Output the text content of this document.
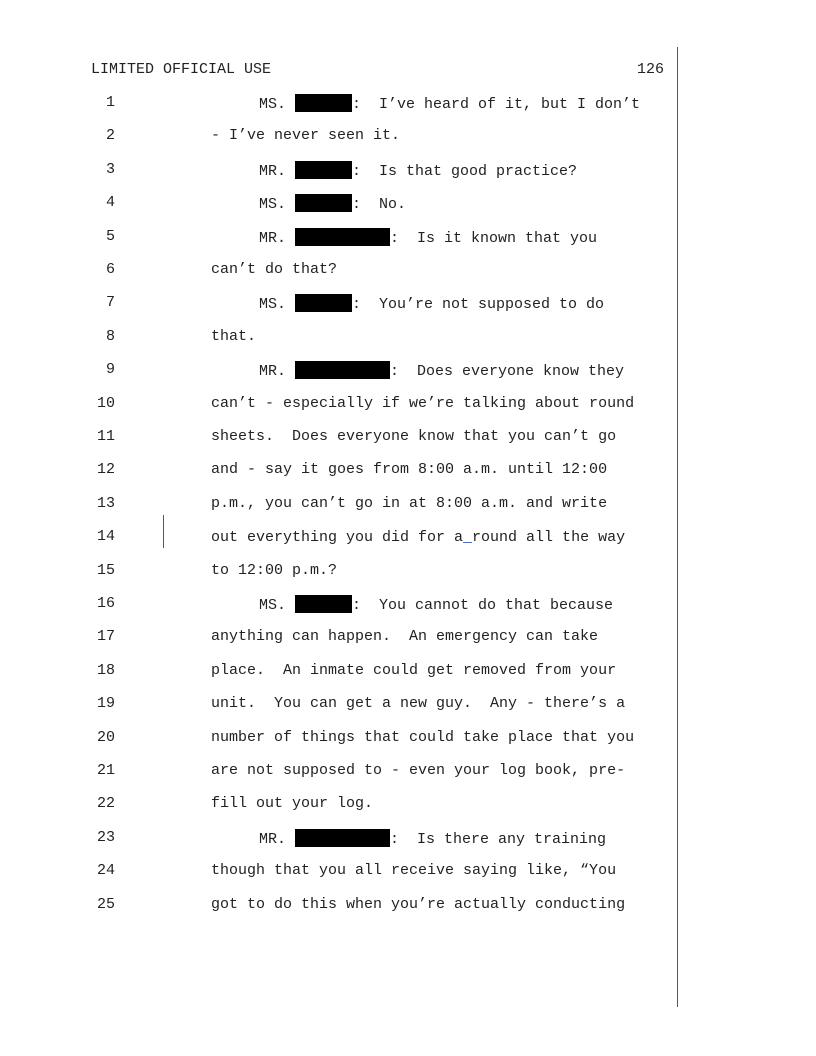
LIMITED OFFICIAL USE	126
1	MS.	:  I’ve heard of it, but I don’t
2	- I’ve never seen it.
3	MR.	:  Is that good practice?
4	MS.	:  No.
5	MR.	:  Is it known that you
6	can’t do that?
7	MS.	:  You’re not supposed to do
8	that.
9	MR.	:  Does everyone know they
10	can’t - especially if we’re talking about round
11	sheets.  Does everyone know that you can’t go
12	and - say it goes from 8:00 a.m. until 12:00
13	p.m., you can’t go in at 8:00 a.m. and write
14	out everything you did for a round all the way
15	to 12:00 p.m.?
16	MS.	:  You cannot do that because
17	anything can happen.  An emergency can take
18	place.  An inmate could get removed from your
19	unit.  You can get a new guy.  Any - there’s a
20	number of things that could take place that you
21	are not supposed to - even your log book, pre-
22	fill out your log.
23	MR.	:  Is there any training
24	though that you all receive saying like, “You
25	got to do this when you’re actually conducting
